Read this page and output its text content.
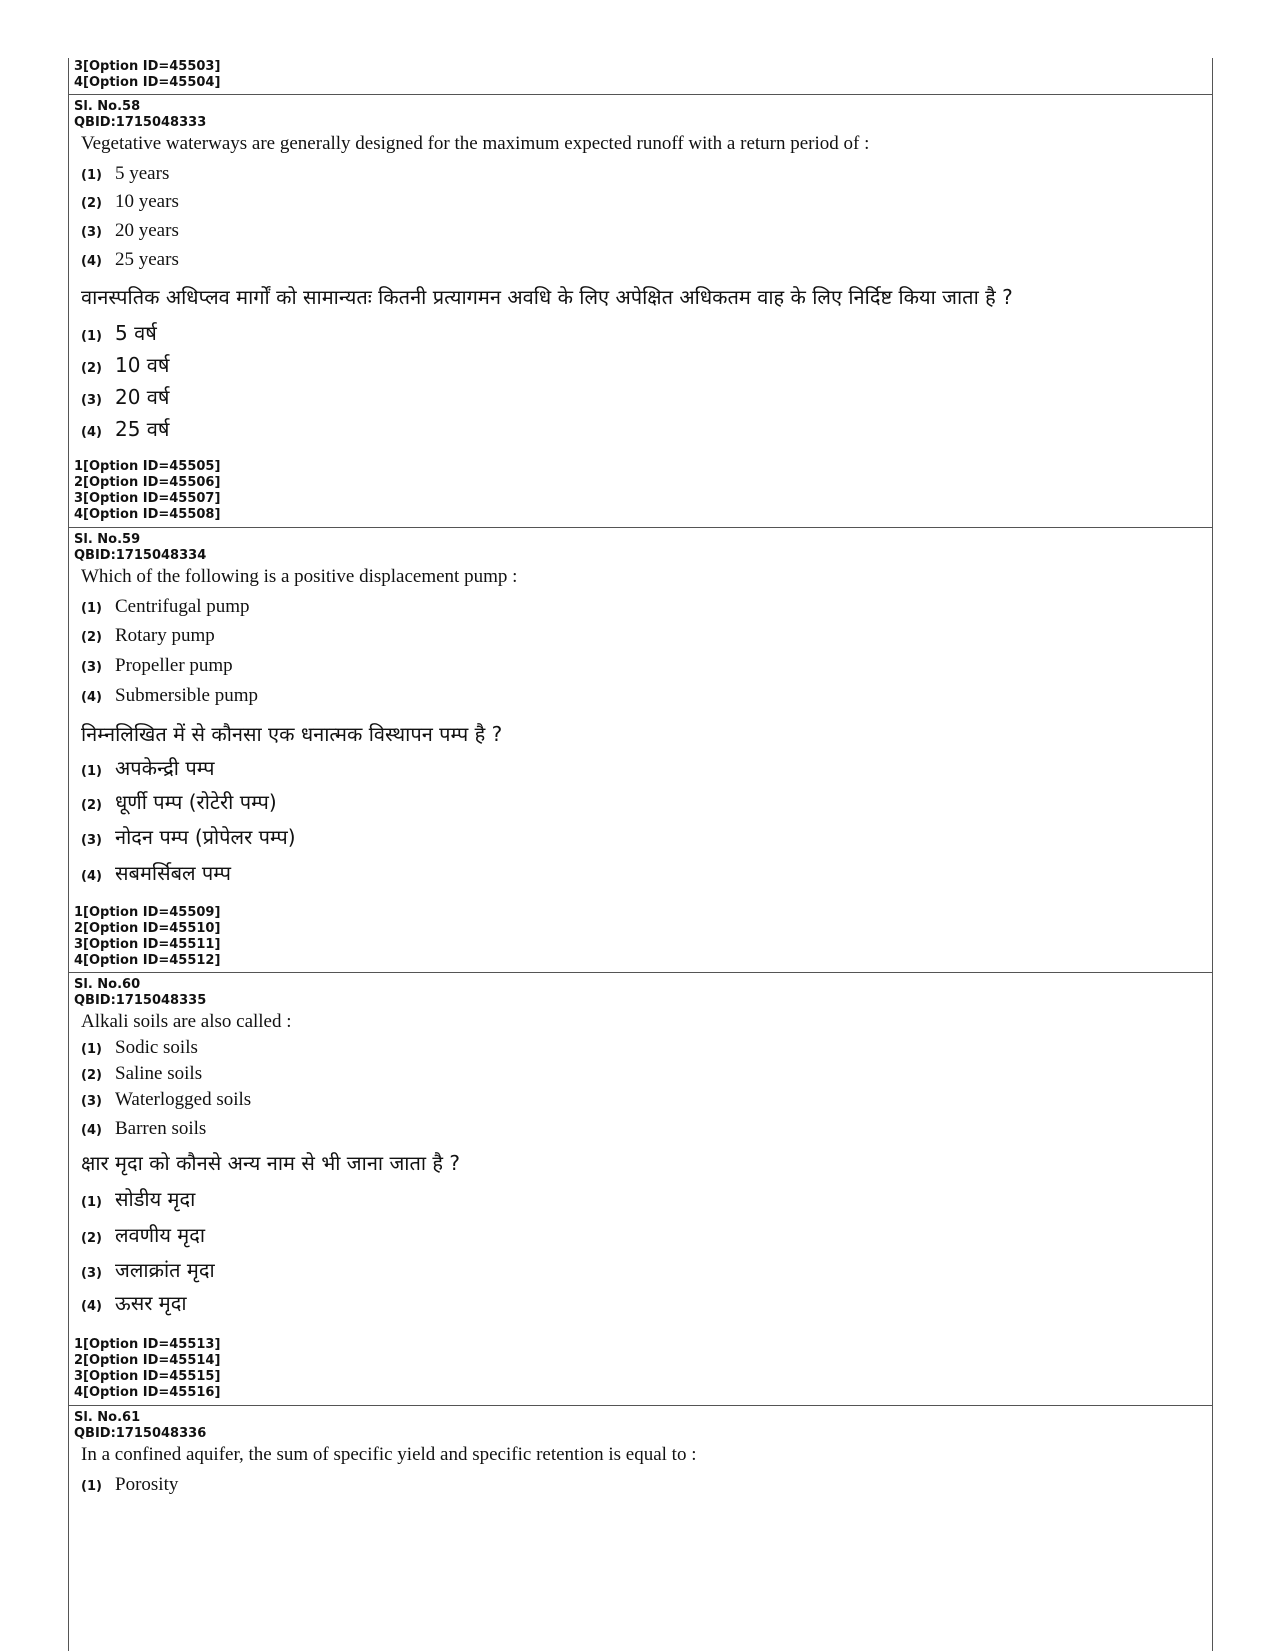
3[Option ID=45503]
4[Option ID=45504]
Sl. No.58
QBID:1715048333
Vegetative waterways are generally designed for the maximum expected runoff with a return period of :
(1) 5 years
(2) 10 years
(3) 20 years
(4) 25 years
वानस्पतिक अधिप्लव मार्गों को सामान्यतः कितनी प्रत्यागमन अवधि के लिए अपेक्षित अधिकतम वाह के लिए निर्दिष्ट किया जाता है ?
(1) 5 वर्ष
(2) 10 वर्ष
(3) 20 वर्ष
(4) 25 वर्ष
1[Option ID=45505]
2[Option ID=45506]
3[Option ID=45507]
4[Option ID=45508]
Sl. No.59
QBID:1715048334
Which of the following is a positive displacement pump :
(1) Centrifugal pump
(2) Rotary pump
(3) Propeller pump
(4) Submersible pump
निम्नलिखित में से कौनसा एक धनात्मक विस्थापन पम्प है ?
(1) अपकेन्द्री पम्प
(2) धूर्णी पम्प (रोटेरी पम्प)
(3) नोदन पम्प (प्रोपेलर पम्प)
(4) सबमर्सिबल पम्प
1[Option ID=45509]
2[Option ID=45510]
3[Option ID=45511]
4[Option ID=45512]
Sl. No.60
QBID:1715048335
Alkali soils are also called :
(1) Sodic soils
(2) Saline soils
(3) Waterlogged soils
(4) Barren soils
क्षार मृदा को कौनसे अन्य नाम से भी जाना जाता है ?
(1) सोडीय मृदा
(2) लवणीय मृदा
(3) जलाक्रांत मृदा
(4) ऊसर मृदा
1[Option ID=45513]
2[Option ID=45514]
3[Option ID=45515]
4[Option ID=45516]
Sl. No.61
QBID:1715048336
In a confined aquifer, the sum of specific yield and specific retention is equal to :
(1) Porosity
